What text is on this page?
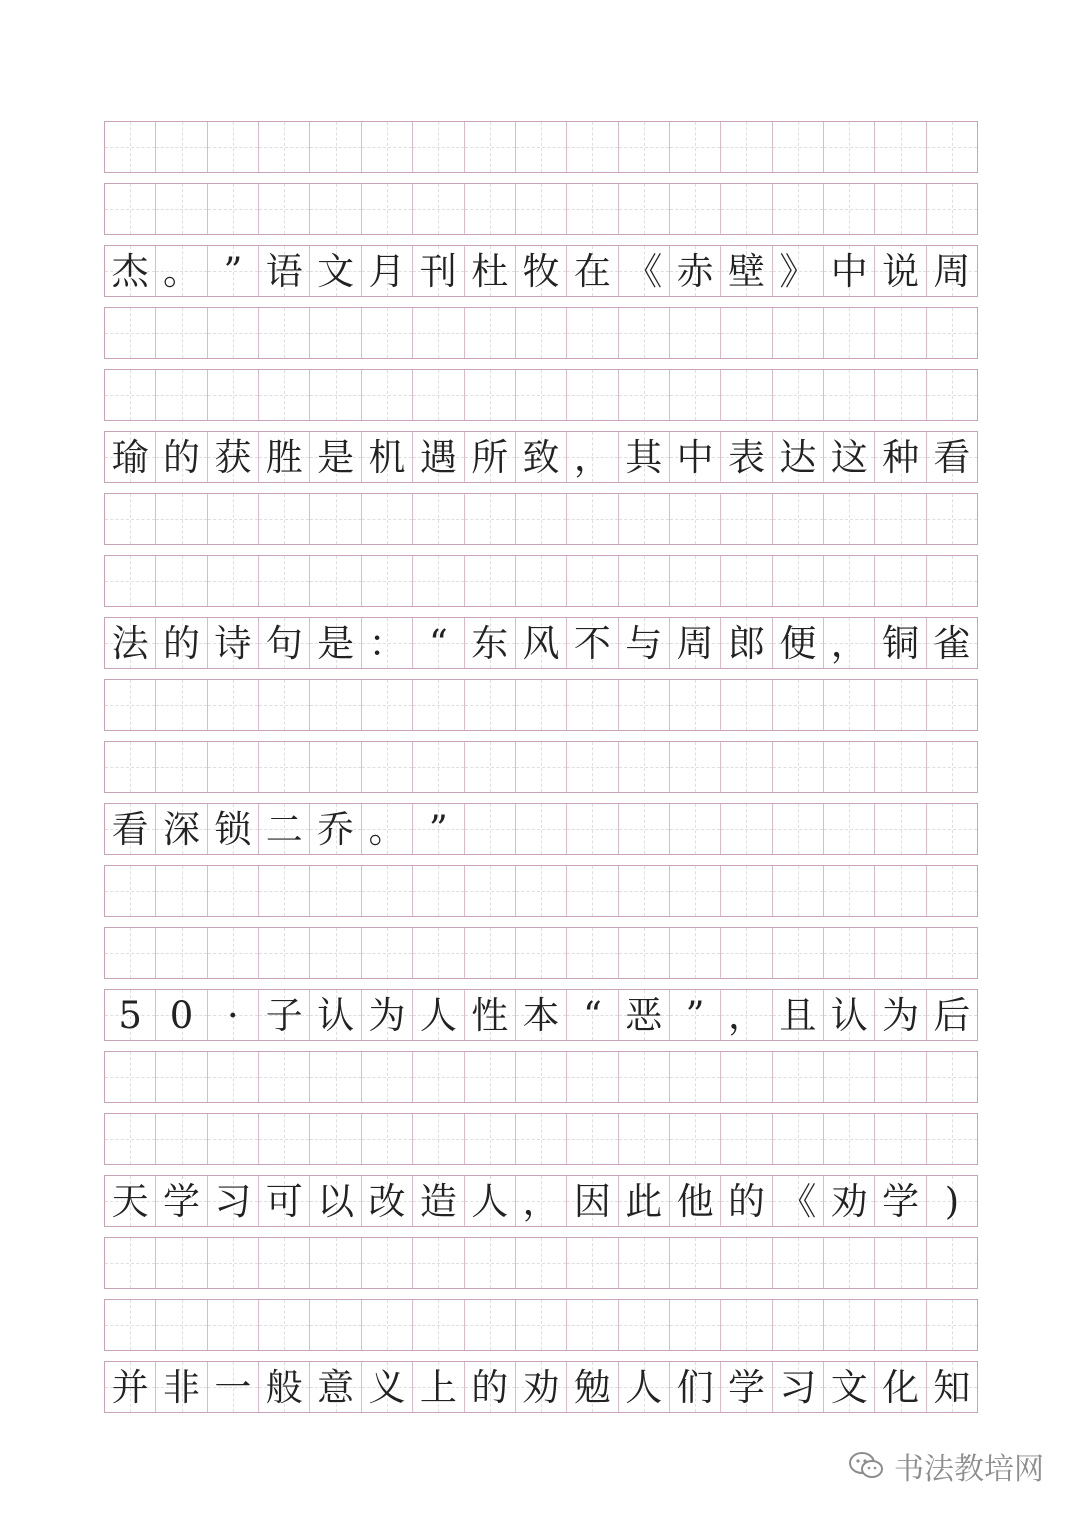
杰 。 ” 语 文 月 刊 杜 牧 在 《 赤 壁 》 中 说 周
瑜 的 获 胜 是 机 遇 所 致 ， 其 中 表 达 这 种 看
法 的 诗 句 是 ： “ 东 风 不 与 周 郎 便 ， 铜 雀
看 深 锁 二 乔 。 ”
5 0 · 子 认 为 人 性 本 “ 恶 ” ， 且 认 为 后
天 学 习 可 以 改 造 人 ， 因 此 他 的 《 劝 学 )
并 非 一 般 意 义 上 的 劝 勉 人 们 学 习 文 化 知
书法教培网
